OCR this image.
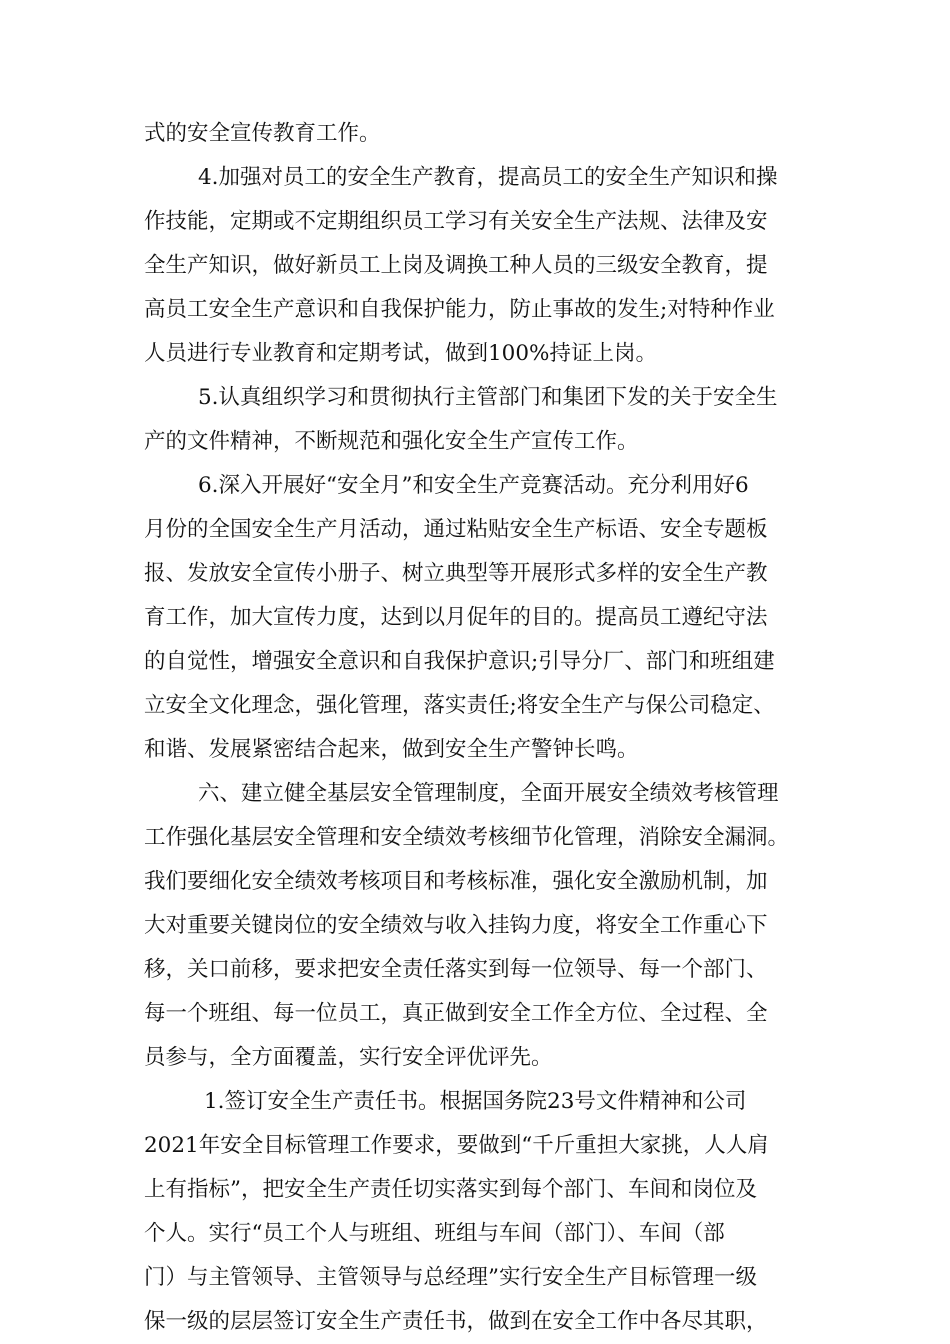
式的安全宣传教育工作。
4.加强对员工的安全生产教育，提高员工的安全生产知识和操
作技能，定期或不定期组织员工学习有关安全生产法规、法律及安
全生产知识，做好新员工上岗及调换工种人员的三级安全教育，提
高员工安全生产意识和自我保护能力，防止事故的发生;对特种作业
人员进行专业教育和定期考试，做到100%持证上岗。
5.认真组织学习和贯彻执行主管部门和集团下发的关于安全生
产的文件精神，不断规范和强化安全生产宣传工作。
6.深入开展好“安全月”和安全生产竞赛活动。充分利用好6
月份的全国安全生产月活动，通过粘贴安全生产标语、安全专题板
报、发放安全宣传小册子、树立典型等开展形式多样的安全生产教
育工作，加大宣传力度，达到以月促年的目的。提高员工遵纪守法
的自觉性，增强安全意识和自我保护意识;引导分厂、部门和班组建
立安全文化理念，强化管理，落实责任;将安全生产与保公司稳定、
和谐、发展紧密结合起来，做到安全生产警钟长鸣。
六、建立健全基层安全管理制度，全面开展安全绩效考核管理
工作强化基层安全管理和安全绩效考核细节化管理，消除安全漏洞。
我们要细化安全绩效考核项目和考核标准，强化安全激励机制，加
大对重要关键岗位的安全绩效与收入挂钩力度，将安全工作重心下
移，关口前移，要求把安全责任落实到每一位领导、每一个部门、
每一个班组、每一位员工，真正做到安全工作全方位、全过程、全
员参与，全方面覆盖，实行安全评优评先。
1.签订安全生产责任书。根据国务院23号文件精神和公司
2021年安全目标管理工作要求，要做到“千斤重担大家挑，人人肩
上有指标”，把安全生产责任切实落实到每个部门、车间和岗位及
个人。实行“员工个人与班组、班组与车间（部门）、车间（部
门）与主管领导、主管领导与总经理”实行安全生产目标管理一级
保一级的层层签订安全生产责任书，做到在安全工作中各尽其职，
